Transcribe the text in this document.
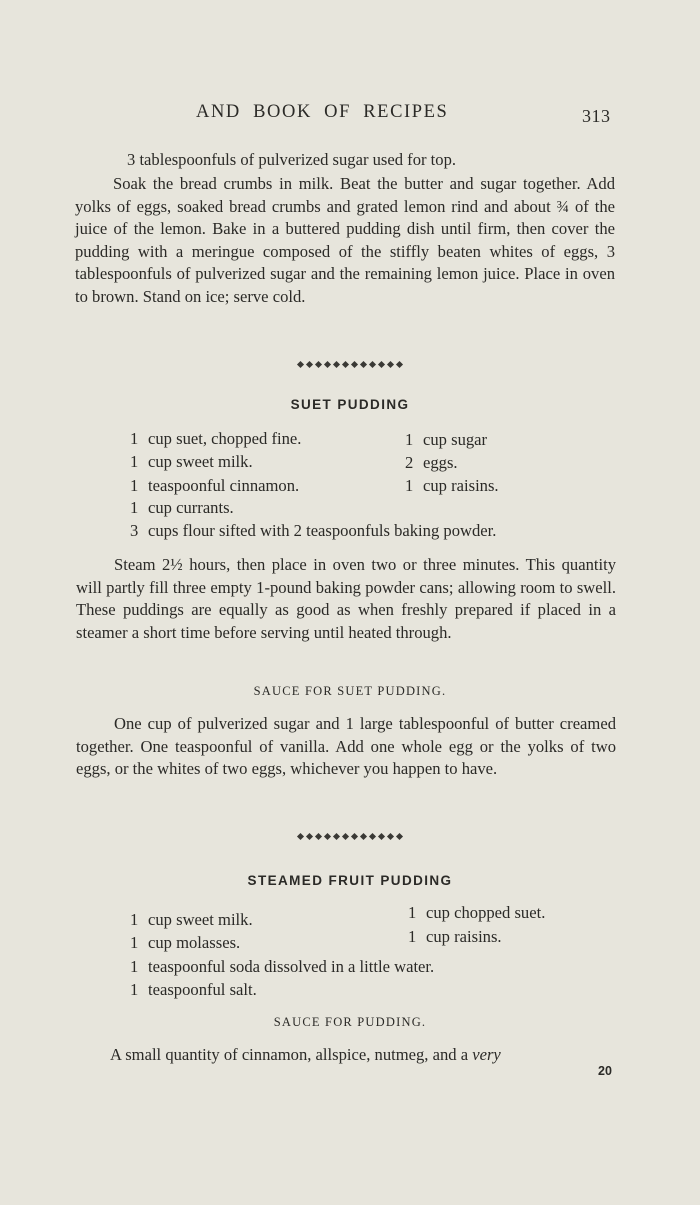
AND BOOK OF RECIPES	313
3 tablespoonfuls of pulverized sugar used for top.

Soak the bread crumbs in milk. Beat the butter and sugar together. Add yolks of eggs, soaked bread crumbs and grated lemon rind and about ¾ of the juice of the lemon. Bake in a buttered pudding dish until firm, then cover the pudding with a meringue composed of the stiffly beaten whites of eggs, 3 tablespoonfuls of pulverized sugar and the remaining lemon juice. Place in oven to brown. Stand on ice; serve cold.

SUET PUDDING
1 cup suet, chopped fine.
1 cup sweet milk.
1 teaspoonful cinnamon.
1 cup currants.
3 cups flour sifted with 2 teaspoonfuls baking powder.
1 cup sugar
2 eggs.
1 cup raisins.

Steam 2½ hours, then place in oven two or three minutes. This quantity will partly fill three empty 1-pound baking powder cans; allowing room to swell. These puddings are equally as good as when freshly prepared if placed in a steamer a short time before serving until heated through.

SAUCE FOR SUET PUDDING.

One cup of pulverized sugar and 1 large tablespoonful of butter creamed together. One teaspoonful of vanilla. Add one whole egg or the yolks of two eggs, or the whites of two eggs, whichever you happen to have.

STEAMED FRUIT PUDDING
1 cup sweet milk.
1 cup molasses.
1 teaspoonful soda dissolved in a little water.
1 teaspoonful salt.
1 cup chopped suet.
1 cup raisins.
SAUCE FOR PUDDING.
A small quantity of cinnamon, allspice, nutmeg, and a very
20
